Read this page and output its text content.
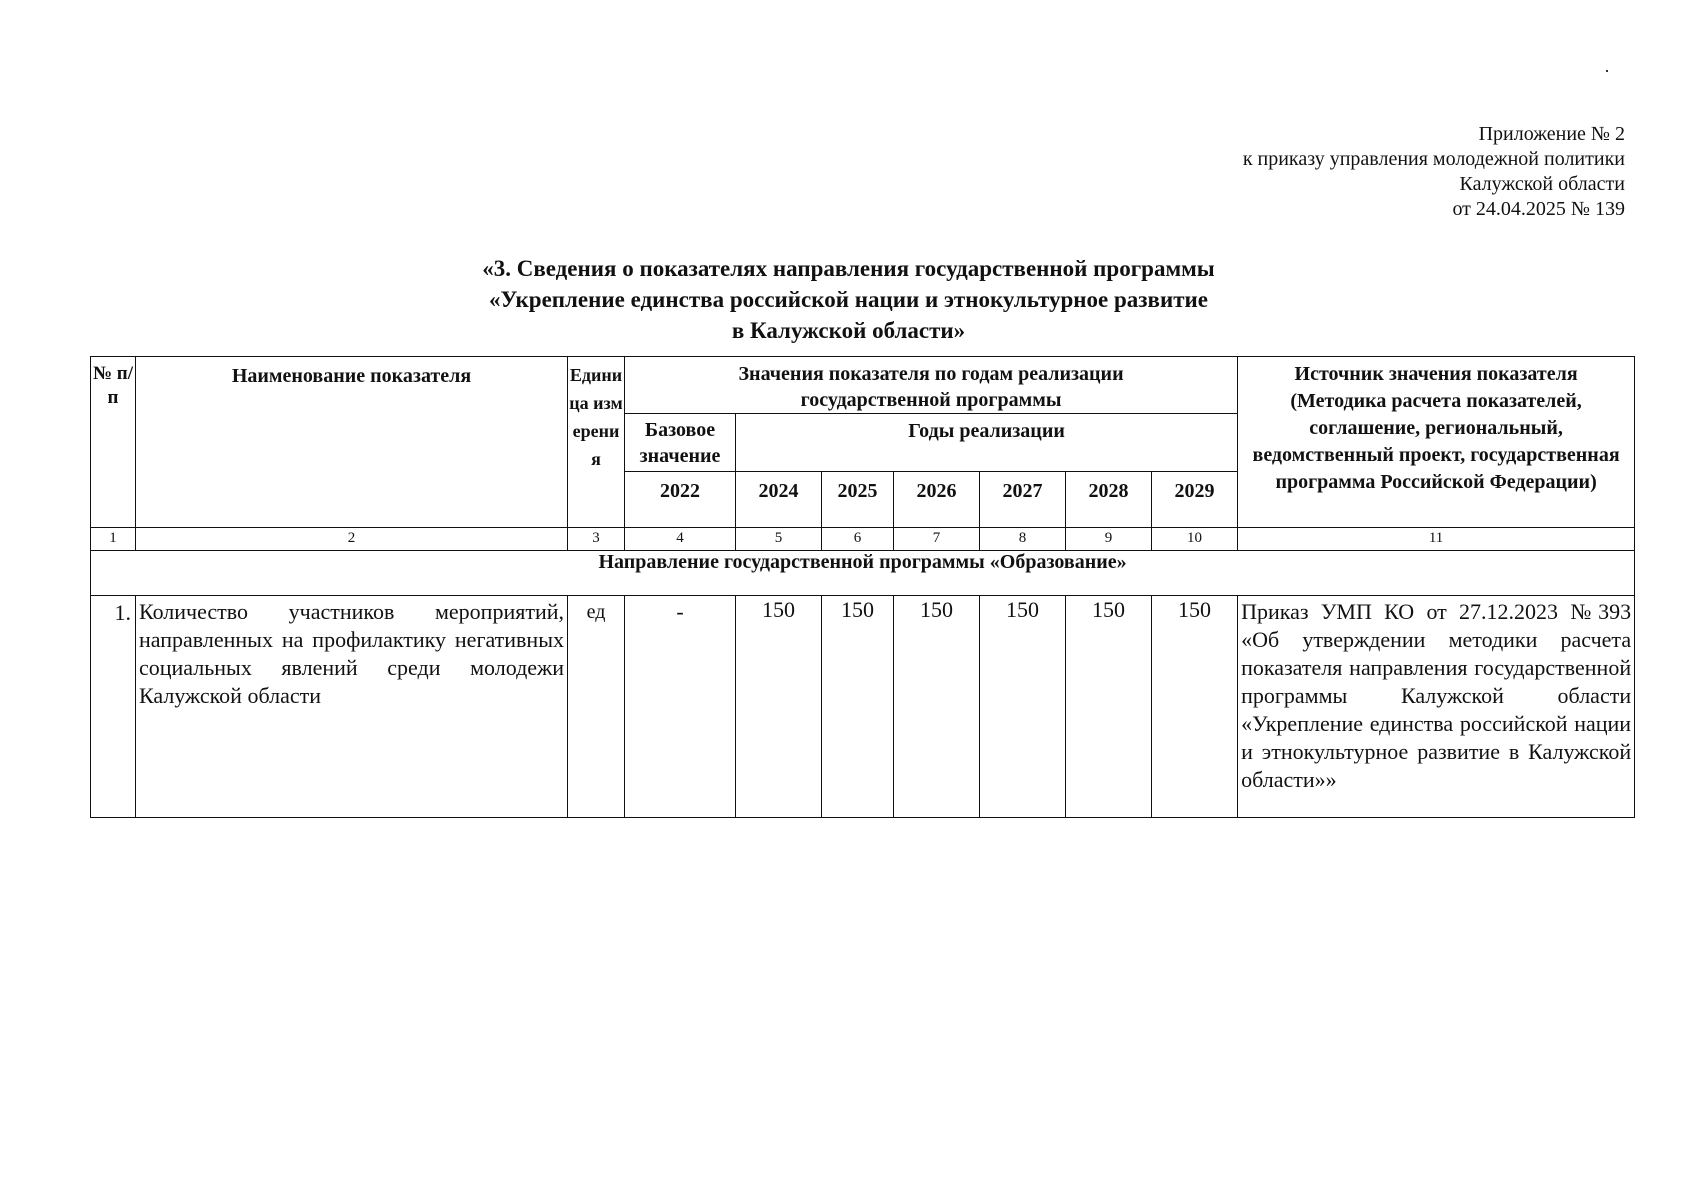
Приложение № 2
к приказу управления молодежной политики
Калужской области
от 24.04.2025 № 139
«3. Сведения о показателях направления государственной программы
«Укрепление единства российской нации и этнокультурное развитие
в Калужской области»
№ п/п	Наименование показателя	Единица измерения	Значения показателя по годам реализации государственной программы							Источник значения показателя (Методика расчета показателей, соглашение, региональный, ведомственный проект, государственная программа Российской Федерации)
			Базовое значение	Годы реализации						
			2022	2024	2025	2026	2027	2028	2029	
1	2	3	4	5	6	7	8	9	10	11
Направление государственной программы «Образование»										
1.	Количество участников мероприятий, направленных на профилактику негативных социальных явлений среди молодежи Калужской области	ед	-	150	150	150	150	150	150	Приказ УМП КО от 27.12.2023 №393 «Об утверждении методики расчета показателя направления государственной программы Калужской области «Укрепление единства российской нации и этнокультурное развитие в Калужской области»»
